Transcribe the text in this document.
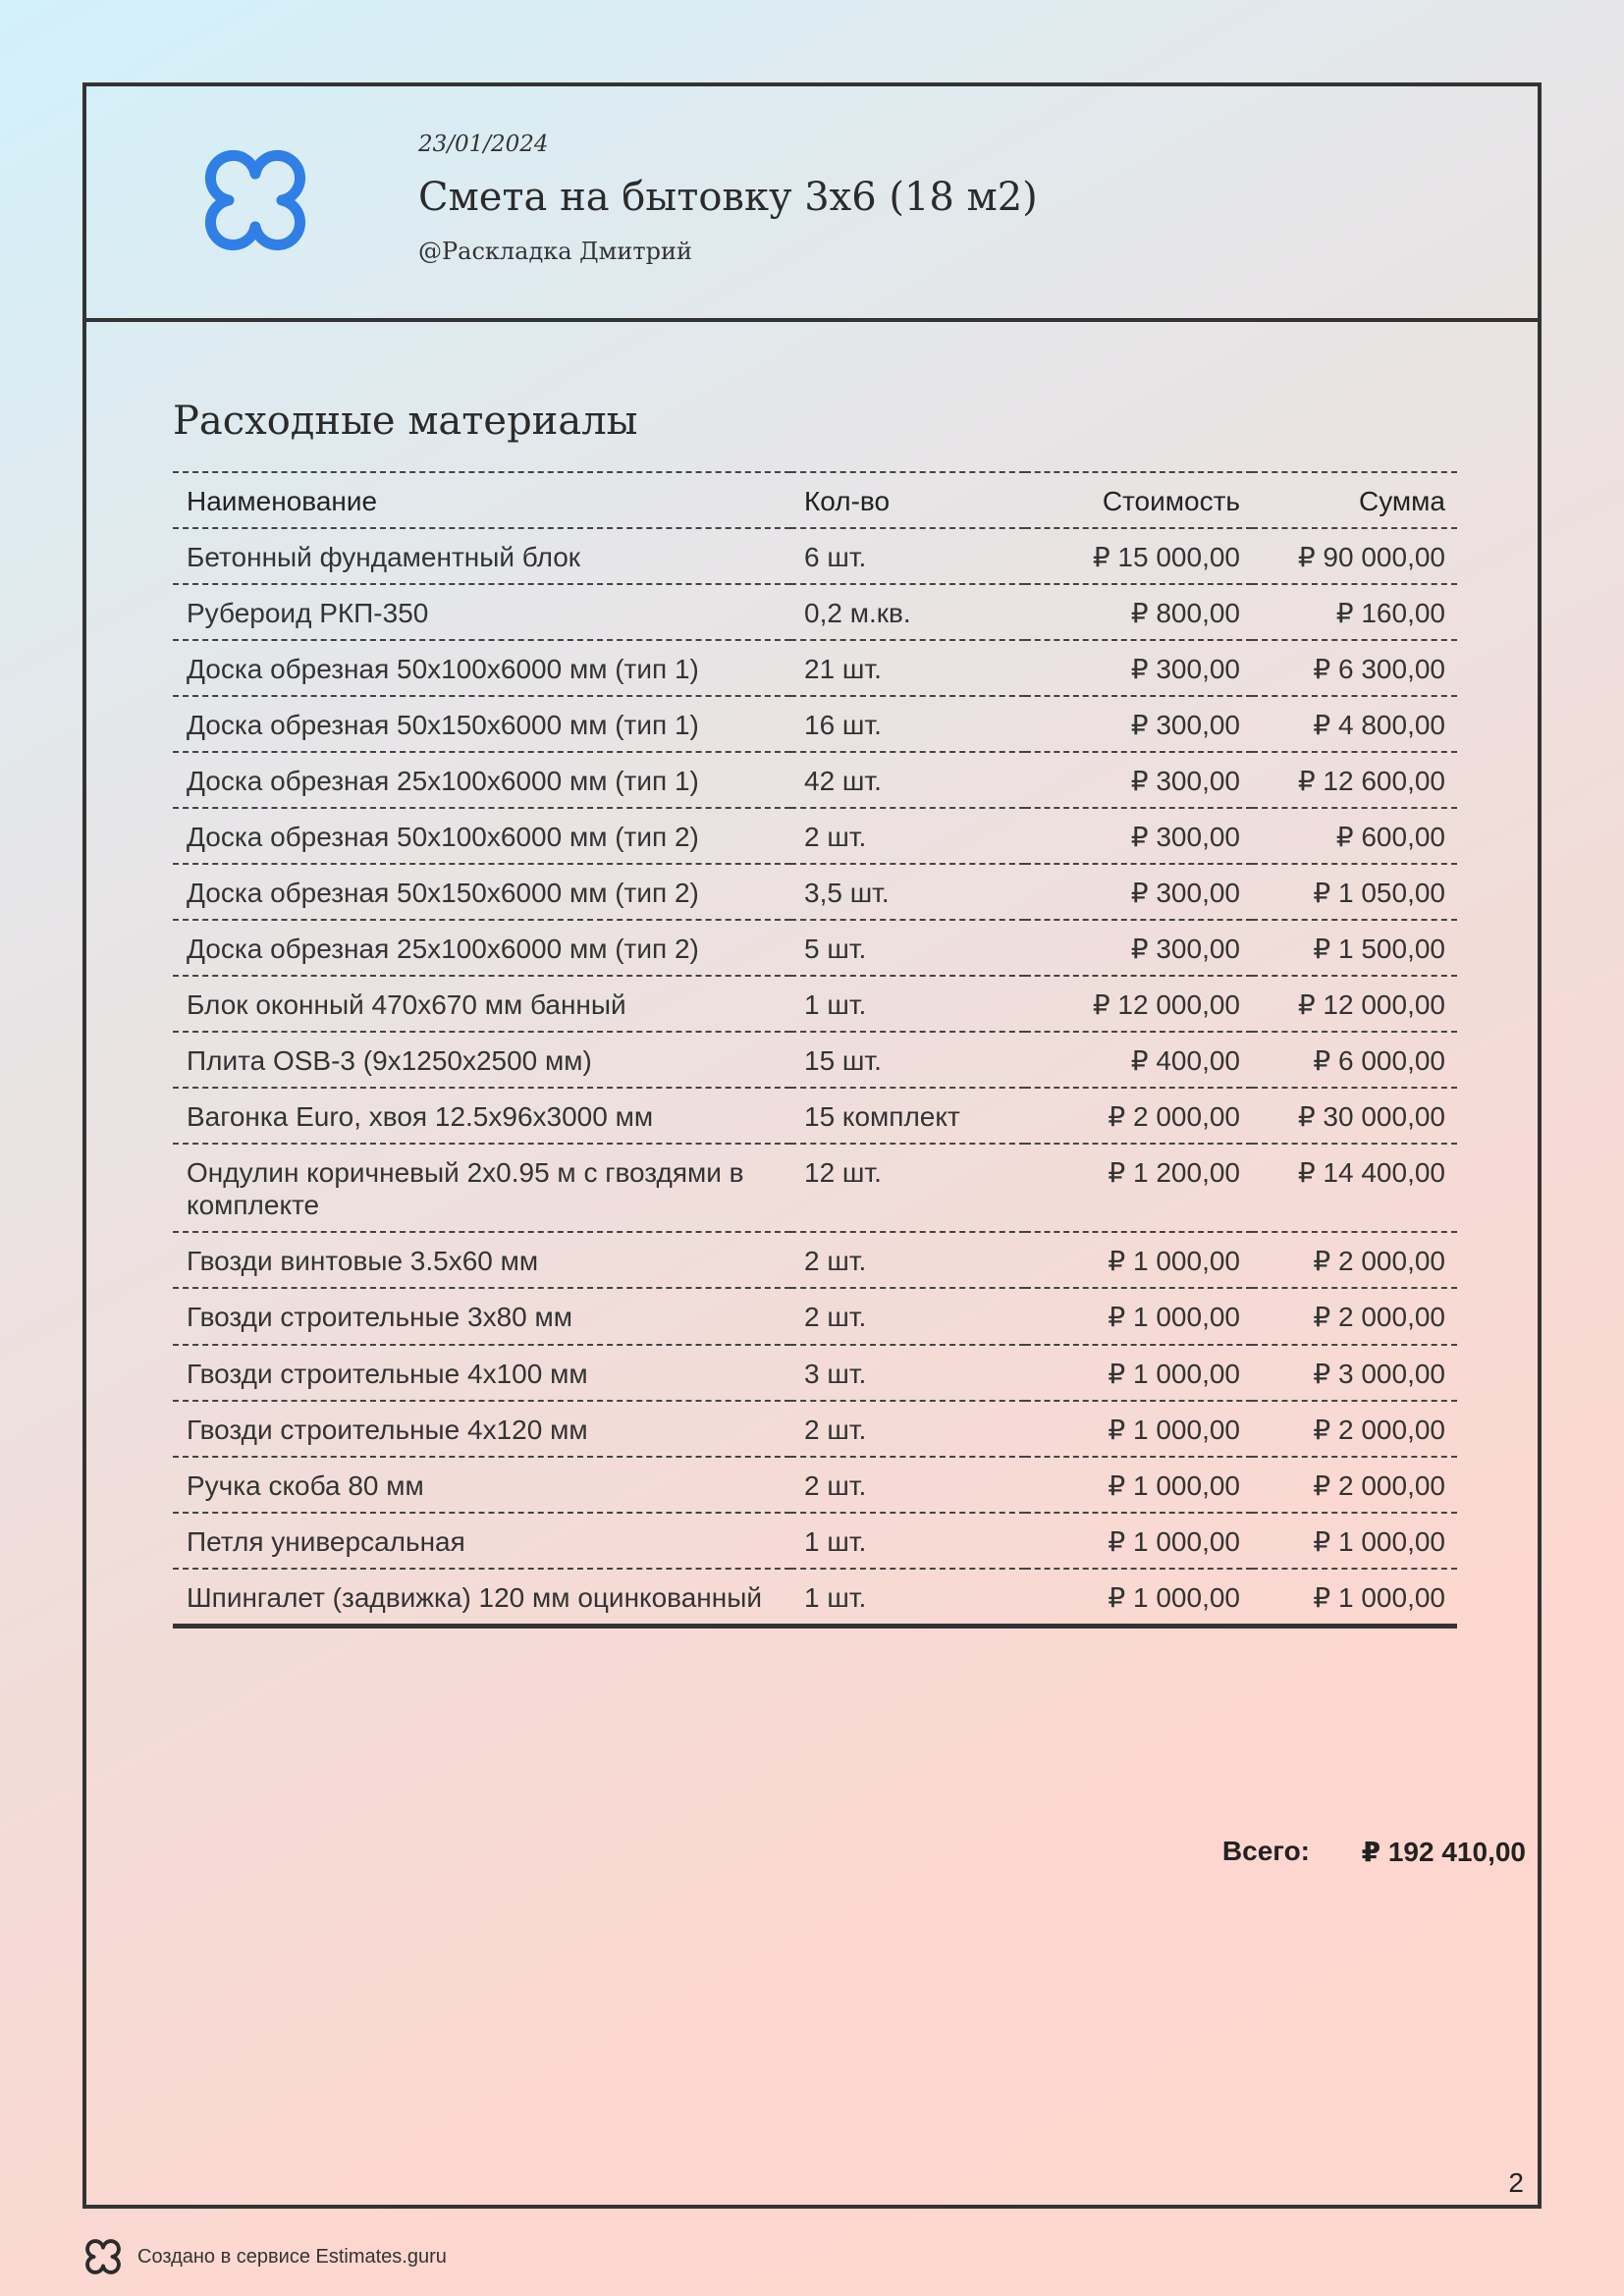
23/01/2024
Смета на бытовку 3х6 (18 м2)
@Раскладка Дмитрий
Расходные материалы
Наименование	Кол-во	Стоимость	Сумма
Бетонный фундаментный блок	6 шт.	₽ 15 000,00	₽ 90 000,00
Рубероид РКП-350	0,2 м.кв.	₽ 800,00	₽ 160,00
Доска обрезная 50x100x6000 мм (тип 1)	21 шт.	₽ 300,00	₽ 6 300,00
Доска обрезная 50x150x6000 мм (тип 1)	16 шт.	₽ 300,00	₽ 4 800,00
Доска обрезная 25x100x6000 мм (тип 1)	42 шт.	₽ 300,00	₽ 12 600,00
Доска обрезная 50x100x6000 мм (тип 2)	2 шт.	₽ 300,00	₽ 600,00
Доска обрезная 50x150x6000 мм (тип 2)	3,5 шт.	₽ 300,00	₽ 1 050,00
Доска обрезная 25x100x6000 мм (тип 2)	5 шт.	₽ 300,00	₽ 1 500,00
Блок оконный 470х670 мм банный	1 шт.	₽ 12 000,00	₽ 12 000,00
Плита OSB-3 (9x1250x2500 мм)	15 шт.	₽ 400,00	₽ 6 000,00
Вагонка Euro, хвоя 12.5x96x3000 мм	15 комплект	₽ 2 000,00	₽ 30 000,00
Ондулин коричневый 2x0.95 м с гвоздями в комплекте	12 шт.	₽ 1 200,00	₽ 14 400,00
Гвозди винтовые 3.5x60 мм	2 шт.	₽ 1 000,00	₽ 2 000,00
Гвозди строительные 3x80 мм	2 шт.	₽ 1 000,00	₽ 2 000,00
Гвозди строительные 4x100 мм	3 шт.	₽ 1 000,00	₽ 3 000,00
Гвозди строительные 4x120 мм	2 шт.	₽ 1 000,00	₽ 2 000,00
Ручка скоба 80 мм	2 шт.	₽ 1 000,00	₽ 2 000,00
Петля универсальная	1 шт.	₽ 1 000,00	₽ 1 000,00
Шпингалет (задвижка) 120 мм оцинкованный	1 шт.	₽ 1 000,00	₽ 1 000,00
Всего:	₽ 192 410,00
2
Создано в сервисе Estimates.guru
